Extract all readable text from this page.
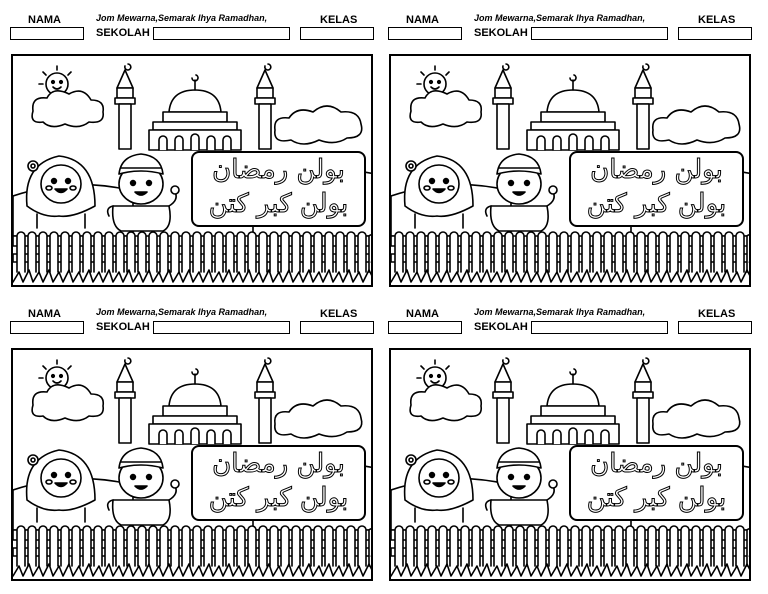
NAMA	Jom Mewarna,Semarak Ihya Ramadhan,
SEKOLAH
KELAS
بولن رمضان
بولن كبر كتن
NAMA	Jom Mewarna,Semarak Ihya Ramadhan,
SEKOLAH
KELAS
بولن رمضان
بولن كبر كتن
NAMA	Jom Mewarna,Semarak Ihya Ramadhan,
SEKOLAH
KELAS
بولن رمضان
بولن كبر كتن
NAMA	Jom Mewarna,Semarak Ihya Ramadhan,
SEKOLAH
KELAS
بولن رمضان
بولن كبر كتن
